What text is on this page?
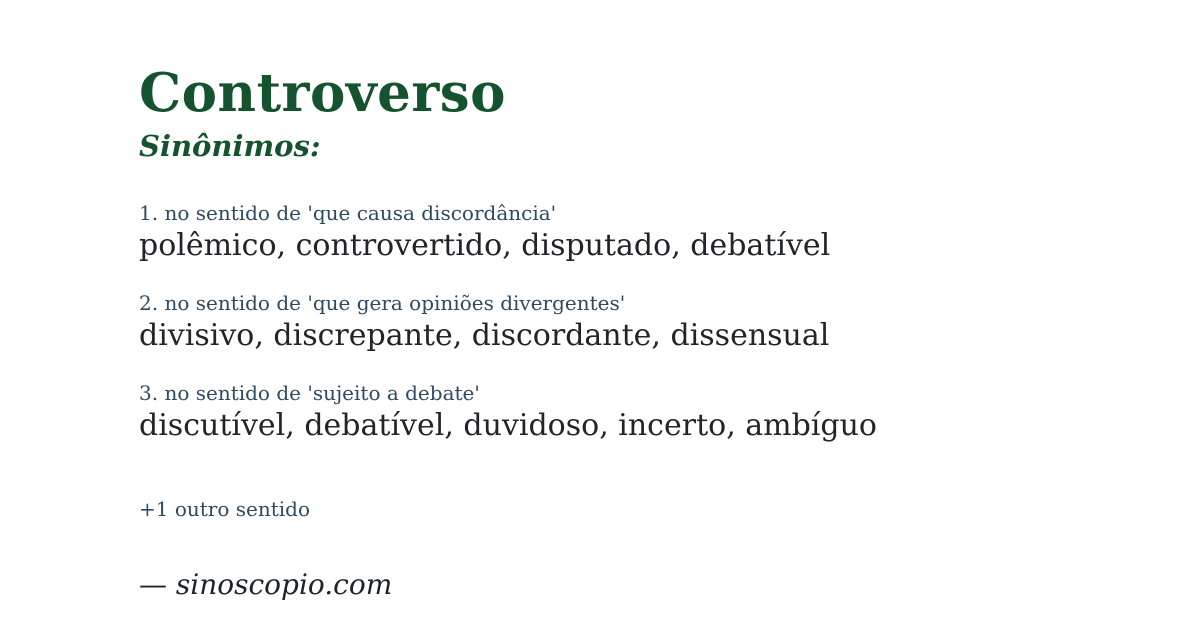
Controverso
Sinônimos:
1. no sentido de 'que causa discordância'
polêmico, controvertido, disputado, debatível
2. no sentido de 'que gera opiniões divergentes'
divisivo, discrepante, discordante, dissensual
3. no sentido de 'sujeito a debate'
discutível, debatível, duvidoso, incerto, ambíguo
+1 outro sentido
— sinoscopio.com
